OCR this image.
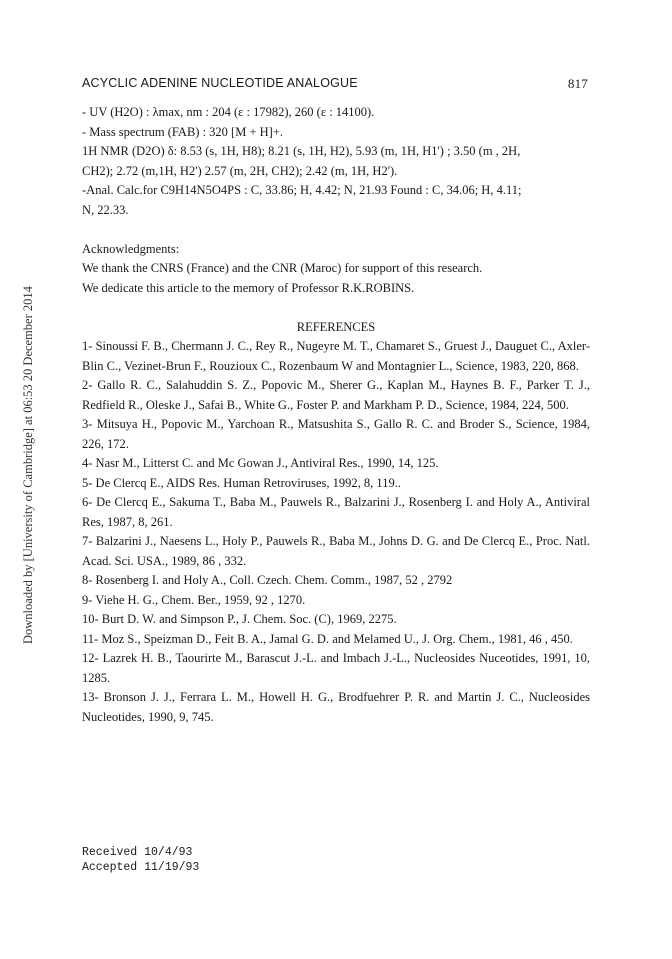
ACYCLIC ADENINE NUCLEOTIDE ANALOGUE	817
Downloaded by [University of Cambridge] at 06:53 20 December 2014

- UV (H2O) : λmax, nm : 204 (ε : 17982), 260 (ε : 14100).

- Mass spectrum (FAB) : 320 [M + H]+.

1H NMR (D2O) δ: 8.53 (s, 1H, H8); 8.21 (s, 1H, H2), 5.93 (m, 1H, H1') ; 3.50 (m , 2H,

CH2); 2.72 (m,1H, H2') 2.57 (m, 2H, CH2); 2.42 (m, 1H, H2').

-Anal. Calc.for C9H14N5O4PS : C, 33.86; H, 4.42; N, 21.93 Found : C, 34.06; H, 4.11;

N, 22.33.

Acknowledgments:

We thank the CNRS (France) and the CNR (Maroc) for support of this research.

We dedicate this article to the memory of Professor R.K.ROBINS.

REFERENCES

1- Sinoussi F. B., Chermann J. C., Rey R., Nugeyre M. T., Chamaret S., Gruest J., Dauguet C., Axler-Blin C., Vezinet-Brun F., Rouzioux C., Rozenbaum W and Montagnier L., Science, 1983, 220, 868.

2- Gallo R. C., Salahuddin S. Z., Popovic M., Sherer G., Kaplan M., Haynes B. F., Parker T. J., Redfield R., Oleske J., Safai B., White G., Foster P. and Markham P. D., Science, 1984, 224, 500.

3- Mitsuya H., Popovic M., Yarchoan R., Matsushita S., Gallo R. C. and Broder S., Science, 1984, 226, 172.

4- Nasr M., Litterst C. and Mc Gowan J., Antiviral Res., 1990, 14, 125.

5- De Clercq E., AIDS Res. Human Retroviruses, 1992, 8, 119..

6- De Clercq E., Sakuma T., Baba M., Pauwels R., Balzarini J., Rosenberg I. and Holy A., Antiviral Res, 1987, 8, 261.

7- Balzarini J., Naesens L., Holy P., Pauwels R., Baba M., Johns D. G. and De Clercq E., Proc. Natl. Acad. Sci. USA., 1989, 86 , 332.

8- Rosenberg I. and Holy A., Coll. Czech. Chem. Comm., 1987, 52 , 2792

9- Viehe H. G., Chem. Ber., 1959, 92 , 1270.

10- Burt D. W. and Simpson P., J. Chem. Soc. (C), 1969, 2275.

11- Moz S., Speizman D., Feit B. A., Jamal G. D. and Melamed U., J. Org. Chem., 1981, 46 , 450.

12- Lazrek H. B., Taourirte M., Barascut J.-L. and Imbach J.-L., Nucleosides Nuceotides, 1991, 10, 1285.

13- Bronson J. J., Ferrara L. M., Howell H. G., Brodfuehrer P. R. and Martin J. C., Nucleosides Nucleotides, 1990, 9, 745.

Received 10/4/93
Accepted 11/19/93
